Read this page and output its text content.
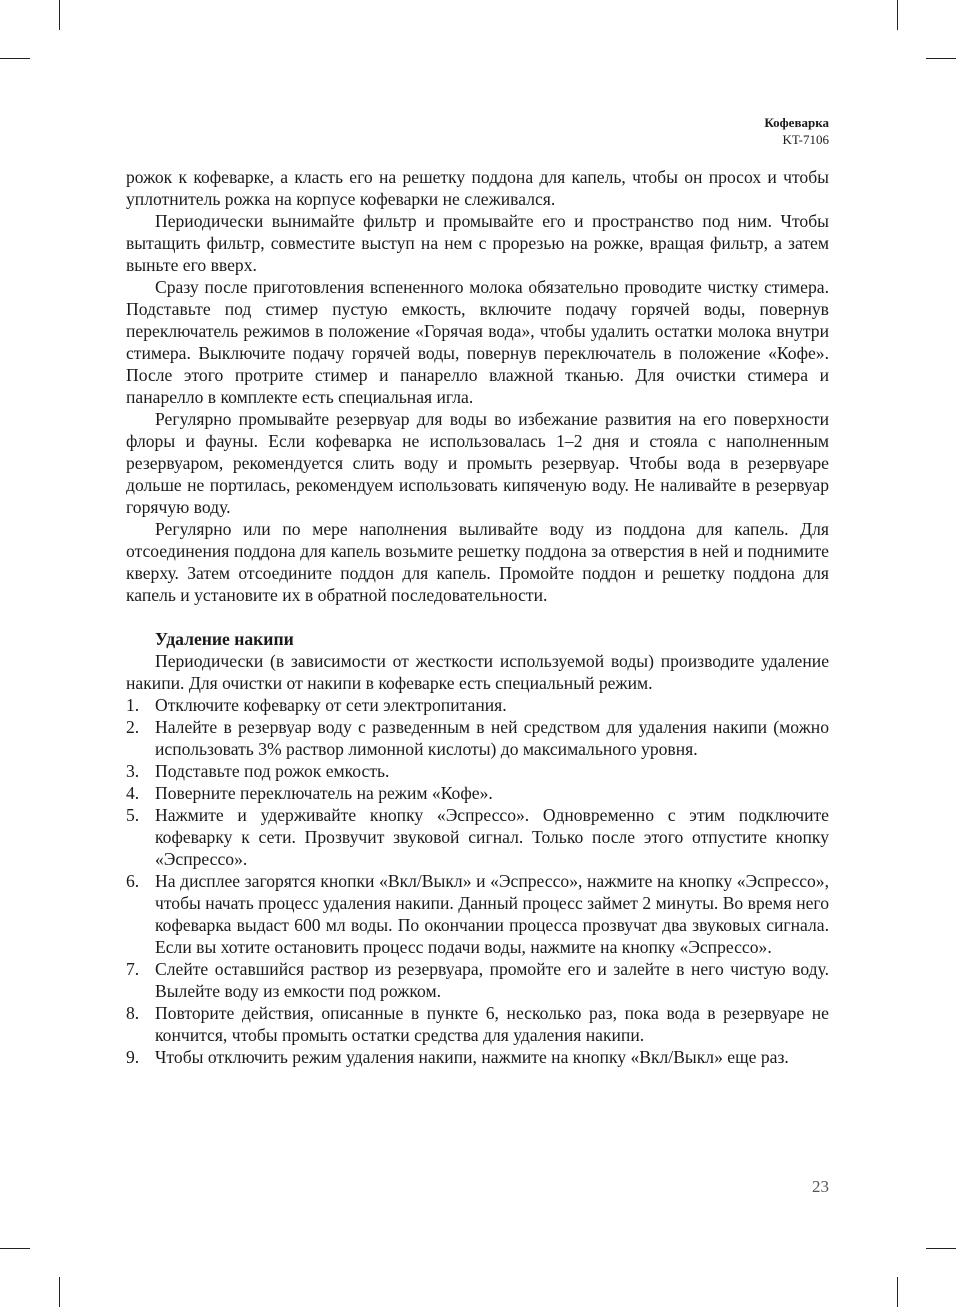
Кофеварка
KT-7106

рожок к кофеварке, а класть его на решетку поддона для капель, чтобы он просох и чтобы уплотнитель рожка на корпусе кофеварки не слеживался.

Периодически вынимайте фильтр и промывайте его и пространство под ним. Чтобы вытащить фильтр, совместите выступ на нем с прорезью на рожке, вращая фильтр, а затем выньте его вверх.

Сразу после приготовления вспененного молока обязательно проводите чистку стимера. Подставьте под стимер пустую емкость, включите подачу горячей воды, повернув переключатель режимов в положение «Горячая вода», чтобы удалить остатки молока внутри стимера. Выключите подачу горячей воды, повернув переключатель в положение «Кофе». После этого протрите стимер и панарелло влажной тканью. Для очистки стимера и панарелло в комплекте есть специальная игла.

Регулярно промывайте резервуар для воды во избежание развития на его поверхности флоры и фауны. Если кофеварка не использовалась 1–2 дня и стояла с наполненным резервуаром, рекомендуется слить воду и промыть резервуар. Чтобы вода в резервуаре дольше не портилась, рекомендуем использовать кипяченую воду. Не наливайте в резервуар горячую воду.

Регулярно или по мере наполнения выливайте воду из поддона для капель. Для отсоединения поддона для капель возьмите решетку поддона за отверстия в ней и поднимите кверху. Затем отсоедините поддон для капель. Промойте поддон и решетку поддона для капель и установите их в обратной последовательности.

Удаление накипи

Периодически (в зависимости от жесткости используемой воды) производите удаление накипи. Для очистки от накипи в кофеварке есть специальный режим.

1. Отключите кофеварку от сети электропитания.
2. Налейте в резервуар воду с разведенным в ней средством для удаления накипи (можно использовать 3% раствор лимонной кислоты) до максимального уровня.
3. Подставьте под рожок емкость.
4. Поверните переключатель на режим «Кофе».
5. Нажмите и удерживайте кнопку «Эспрессо». Одновременно с этим подключите кофеварку к сети. Прозвучит звуковой сигнал. Только после этого отпустите кнопку «Эспрессо».
6. На дисплее загорятся кнопки «Вкл/Выкл» и «Эспрессо», нажмите на кнопку «Эспрессо», чтобы начать процесс удаления накипи. Данный процесс займет 2 минуты. Во время него кофеварка выдаст 600 мл воды. По окончании процесса прозвучат два звуковых сигнала. Если вы хотите остановить процесс подачи воды, нажмите на кнопку «Эспрессо».
7. Слейте оставшийся раствор из резервуара, промойте его и залейте в него чистую воду. Вылейте воду из емкости под рожком.
8. Повторите действия, описанные в пункте 6, несколько раз, пока вода в резервуаре не кончится, чтобы промыть остатки средства для удаления накипи.
9. Чтобы отключить режим удаления накипи, нажмите на кнопку «Вкл/Выкл» еще раз.
23
